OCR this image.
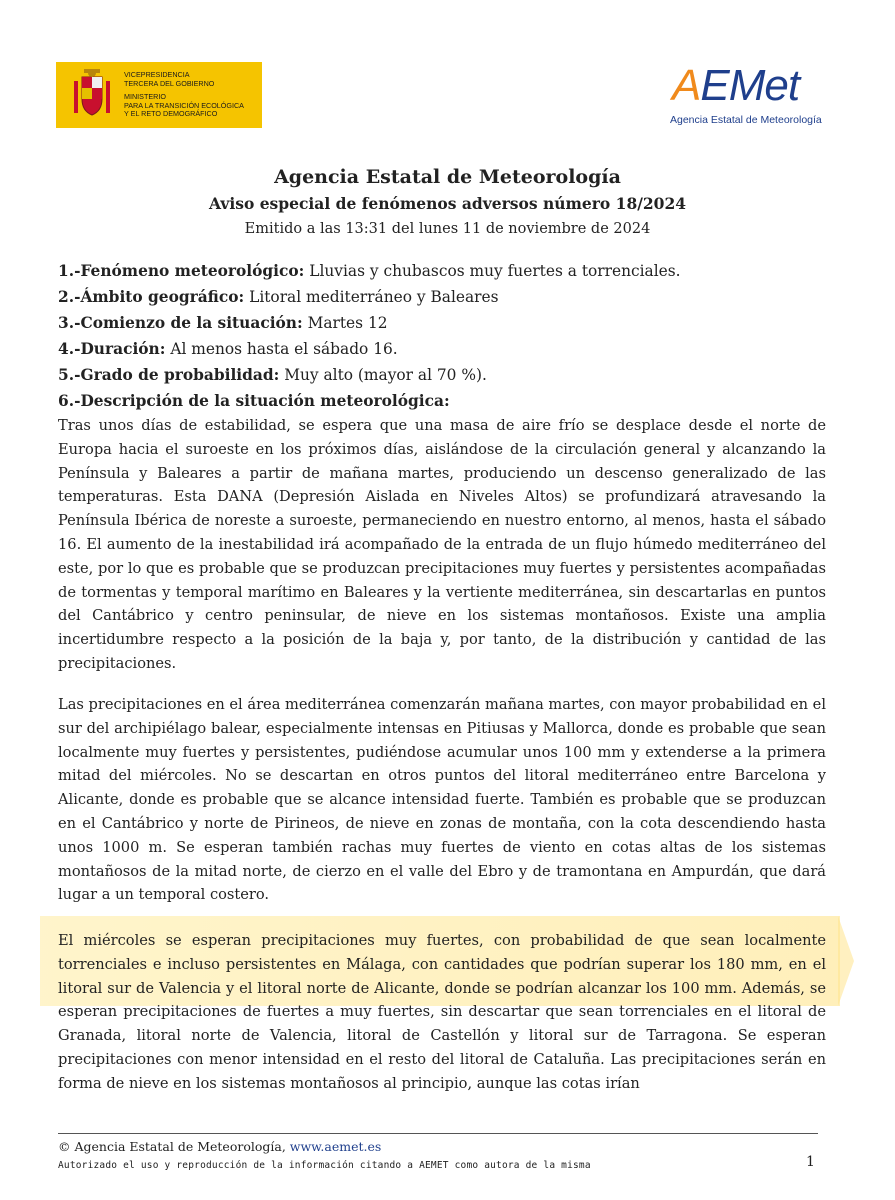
VICEPRESIDENCIA
TERCERA DEL GOBIERNO
MINISTERIO
PARA LA TRANSICIÓN ECOLÓGICA
Y EL RETO DEMOGRÁFICO
AEMet
Agencia Estatal de Meteorología
Agencia Estatal de Meteorología
Aviso especial de fenómenos adversos número 18/2024
Emitido a las 13:31 del lunes 11 de noviembre de 2024
1.-Fenómeno meteorológico: Lluvias y chubascos muy fuertes a torrenciales.
2.-Ámbito geográfico: Litoral mediterráneo y Baleares
3.-Comienzo de la situación: Martes 12
4.-Duración: Al menos hasta el sábado 16.
5.-Grado de probabilidad: Muy alto (mayor al 70 %).
6.-Descripción de la situación meteorológica:
Tras unos días de estabilidad, se espera que una masa de aire frío se desplace desde el norte de Europa hacia el suroeste en los próximos días, aislándose de la circulación general y alcanzando la Península y Baleares a partir de mañana martes, produciendo un descenso generalizado de las temperaturas. Esta DANA (Depresión Aislada en Niveles Altos) se profundizará atravesando la Península Ibérica de noreste a suroeste, permaneciendo en nuestro entorno, al menos, hasta el sábado 16. El aumento de la inestabilidad irá acompañado de la entrada de un flujo húmedo mediterráneo del este, por lo que es probable que se produzcan precipitaciones muy fuertes y persistentes acompañadas de tormentas y temporal marítimo en Baleares y la vertiente mediterránea, sin descartarlas en puntos del Cantábrico y centro peninsular, de nieve en los sistemas montañosos. Existe una amplia incertidumbre respecto a la posición de la baja y, por tanto, de la distribución y cantidad de las precipitaciones.
Las precipitaciones en el área mediterránea comenzarán mañana martes, con mayor probabilidad en el sur del archipiélago balear, especialmente intensas en Pitiusas y Mallorca, donde es probable que sean localmente muy fuertes y persistentes, pudiéndose acumular unos 100 mm y extenderse a la primera mitad del miércoles. No se descartan en otros puntos del litoral mediterráneo entre Barcelona y Alicante, donde es probable que se alcance intensidad fuerte. También es probable que se produzcan en el Cantábrico y norte de Pirineos, de nieve en zonas de montaña, con la cota descendiendo hasta unos 1000 m. Se esperan también rachas muy fuertes de viento en cotas altas de los sistemas montañosos de la mitad norte, de cierzo en el valle del Ebro y de tramontana en Ampurdán, que dará lugar a un temporal costero.
El miércoles se esperan precipitaciones muy fuertes, con probabilidad de que sean localmente torrenciales e incluso persistentes en Málaga, con cantidades que podrían superar los 180 mm, en el litoral sur de Valencia y el litoral norte de Alicante, donde se podrían alcanzar los 100 mm. Además, se esperan precipitaciones de fuertes a muy fuertes, sin descartar que sean torrenciales en el litoral de Granada, litoral norte de Valencia, litoral de Castellón y litoral sur de Tarragona. Se esperan precipitaciones con menor intensidad en el resto del litoral de Cataluña. Las precipitaciones serán en forma de nieve en los sistemas montañosos al principio, aunque las cotas irían
© Agencia Estatal de Meteorología, www.aemet.es
Autorizado el uso y reproducción de la información citando a AEMET como autora de la misma	1
